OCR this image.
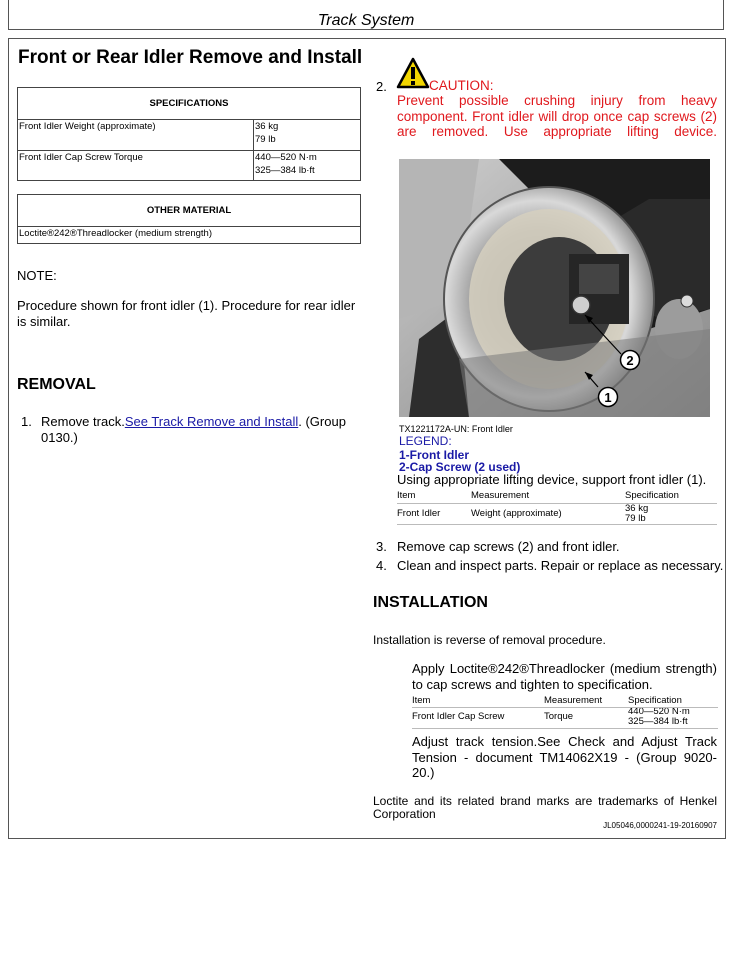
Track System
Front or Rear Idler Remove and Install
SPECIFICATIONS	
Front Idler Weight (approximate)	36 kg
79 lb

Front Idler Cap Screw Torque	440—520 N·m
325—384 lb·ft
OTHER MATERIAL
Loctite®242®Threadlocker (medium strength)
NOTE:
Procedure shown for front idler (1). Procedure for rear idler is similar.
REMOVAL
1. Remove track.See Track Remove and Install. (Group 0130.)
2.	CAUTION:
Prevent possible crushing injury from heavy component. Front idler will drop once cap screws (2) are removed. Use appropriate lifting device.
2
1
TX1221172A-UN: Front Idler
LEGEND:
1-Front Idler
2-Cap Screw (2 used)
Using appropriate lifting device, support front idler (1).
Item	Measurement	Specification
Front Idler	Weight (approximate)	36 kg
79 lb
3. Remove cap screws (2) and front idler.
4. Clean and inspect parts. Repair or replace as necessary.
INSTALLATION
Installation is reverse of removal procedure.
Apply Loctite®242®Threadlocker (medium strength) to cap screws and tighten to specification.
Item	Measurement	Specification
Front Idler Cap Screw	Torque	440—520 N·m
325—384 lb·ft
Adjust track tension.See Check and Adjust Track Tension - document TM14062X19 - (Group 9020-20.)
Loctite and its related brand marks are trademarks of Henkel Corporation
JL05046,0000241-19-20160907
